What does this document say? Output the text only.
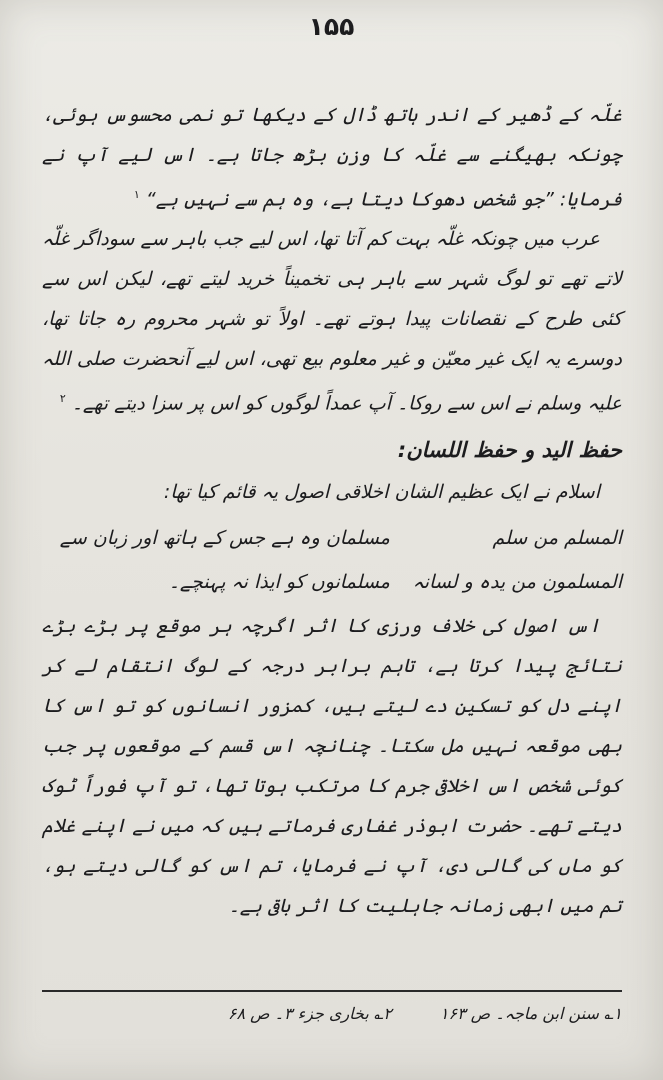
۱۵۵

غلّہ کے ڈھیر کے اندر ہاتھ ڈال کے دیکھا تو نمی محسوس ہوئی، چونکہ بھیگنے سے غلّہ کا وزن بڑھ جاتا ہے۔ اس لیے آپ نے فرمایا: ”جو شخص دھوکا دیتا ہے، وہ ہم سے نہیں ہے“ $^۱$

عرب میں چونکہ غلّہ بہت کم آتا تھا، اس لیے جب باہر سے سوداگر غلّہ لاتے تھے تو لوگ شہر سے باہر ہی تخمیناً خرید لیتے تھے، لیکن اس سے کئی طرح کے نقصانات پیدا ہوتے تھے۔ اولاً تو شہر محروم رہ جاتا تھا، دوسرے یہ ایک غیر معیّن و غیر معلوم بیع تھی، اس لیے آنحضرت صلی اللہ علیہ وسلم نے اس سے روکا۔ آپ عمداً لوگوں کو اس پر سزا دیتے تھے۔ $^۲$

حفظ الید و حفظ اللسان:

اسلام نے ایک عظیم الشان اخلاقی اصول یہ قائم کیا تھا:

المسلم من سلم المسلمون من یدہ و لسانہ
مسلمان وہ ہے جس کے ہاتھ اور زبان سے مسلمانوں کو ایذا نہ پہنچے۔

اس اصول کی خلاف ورزی کا اثر اگرچہ ہر موقع پر بڑے بڑے نتائج پیدا کرتا ہے، تاہم برابر درجہ کے لوگ انتقام لے کر اپنے دل کو تسکین دے لیتے ہیں، کمزور انسانوں کو تو اس کا بھی موقعہ نہیں مل سکتا۔ چنانچہ اس قسم کے موقعوں پر جب کوئی شخص اس اخلاقی جرم کا مرتکب ہوتا تھا، تو آپ فوراً ٹوک دیتے تھے۔ حضرت ابوذر غفاری فرماتے ہیں کہ میں نے اپنے غلام کو ماں کی گالی دی، آپ نے فرمایا، تم اس کو گالی دیتے ہو، تم میں ابھی زمانہ جاہلیت کا اثر باقی ہے۔

۱؎ سنن ابن ماجہ۔ ص ۱۶۳
۲؎ بخاری جزء ۳۔ ص ۶۸
